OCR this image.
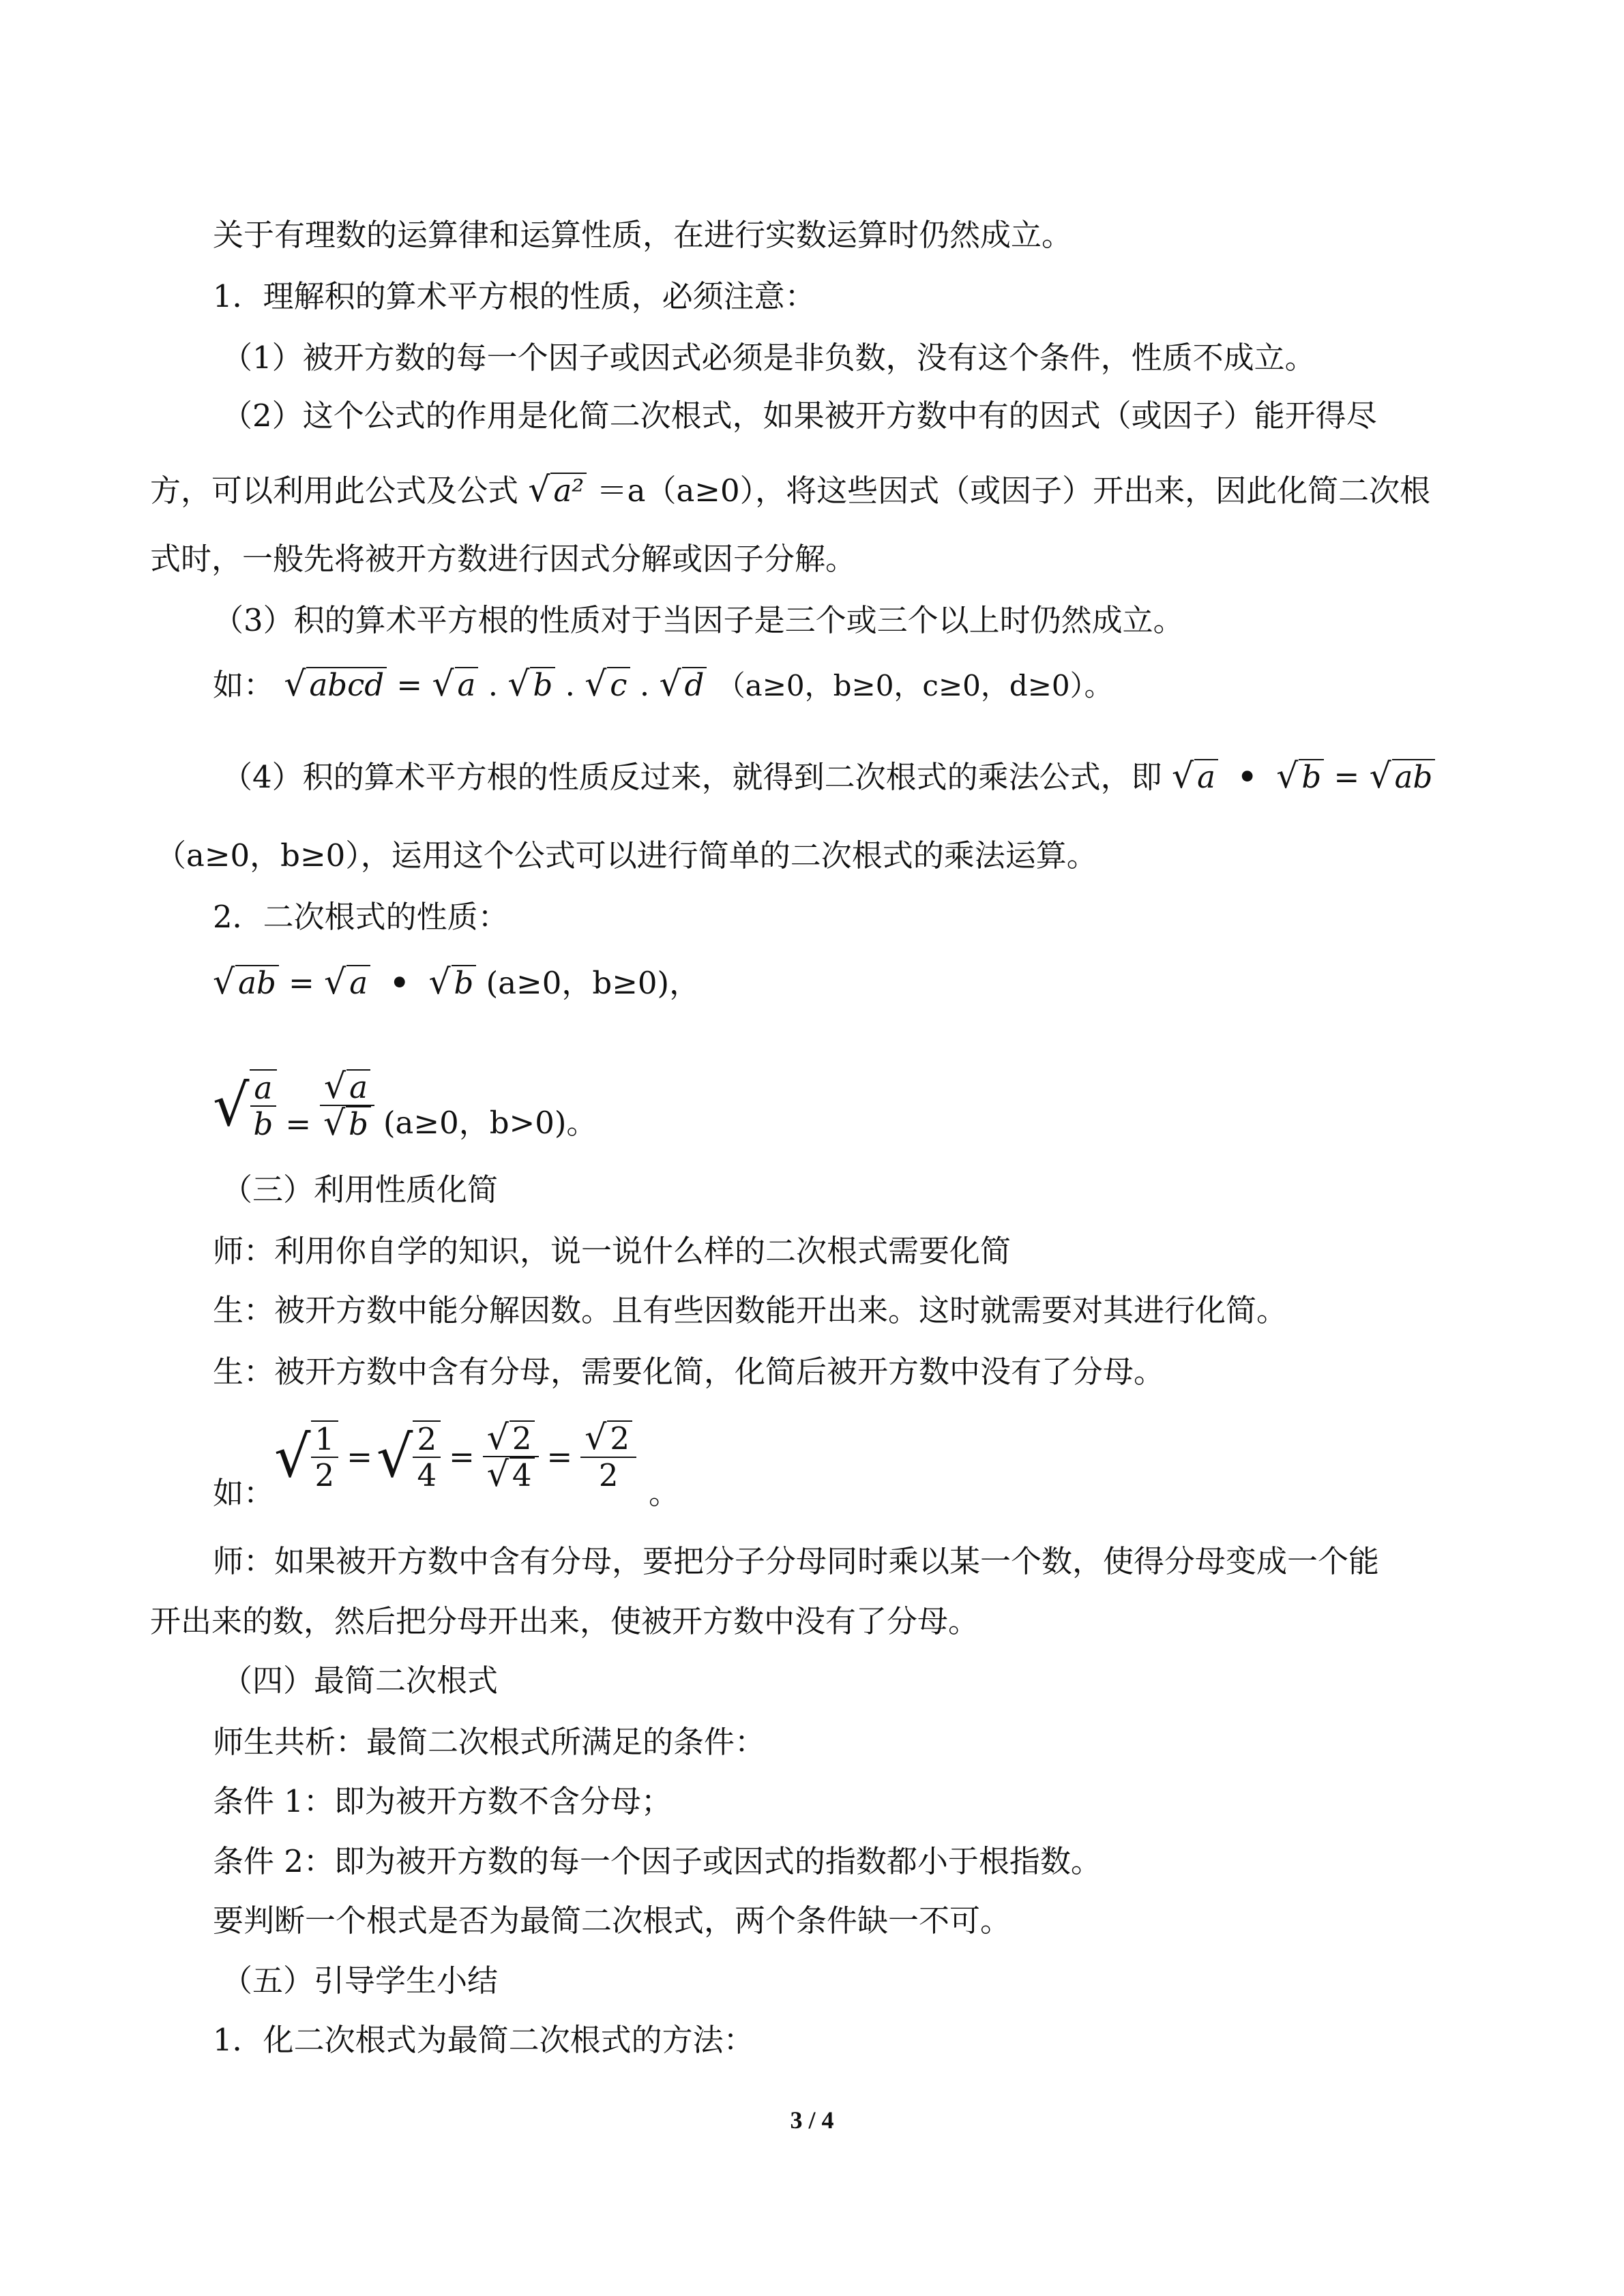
关于有理数的运算律和运算性质，在进行实数运算时仍然成立。
1．理解积的算术平方根的性质，必须注意：
（1）被开方数的每一个因子或因式必须是非负数，没有这个条件，性质不成立。
（2）这个公式的作用是化简二次根式，如果被开方数中有的因式（或因子）能开得尽
方，可以利用此公式及公式 √ a² ＝a（a≥0），将这些因式（或因子）开出来，因此化简二次根
式时，一般先将被开方数进行因式分解或因子分解。
（3）积的算术平方根的性质对于当因子是三个或三个以上时仍然成立。
如： √ abcd = √ a . √ b . √ c . √ d （a≥0，b≥0，c≥0，d≥0）。
（4）积的算术平方根的性质反过来，就得到二次根式的乘法公式，即 √ a • √ b = √ ab
（a≥0，b≥0），运用这个公式可以进行简单的二次根式的乘法运算。
2．二次根式的性质：
√ ab = √ a • √ b (a≥0，b≥0)，
√ $\frac{a}{b} = \frac{√ a}{√ b} (a\ge 0$，b>0)。
（三）利用性质化简
师：利用你自学的知识，说一说什么样的二次根式需要化简
生：被开方数中能分解因数。且有些因数能开出来。这时就需要对其进行化简。
生：被开方数中含有分母，需要化简，化简后被开方数中没有了分母。
如：
√ $\frac{1}{2}$ = √ $\frac{2}{4} = \frac{√ 2}{√ 4} = \frac{√ 2}{2}$ 。
师：如果被开方数中含有分母，要把分子分母同时乘以某一个数，使得分母变成一个能
开出来的数，然后把分母开出来，使被开方数中没有了分母。
（四）最简二次根式
师生共析：最简二次根式所满足的条件：
条件 1：即为被开方数不含分母；
条件 2：即为被开方数的每一个因子或因式的指数都小于根指数。
要判断一个根式是否为最简二次根式，两个条件缺一不可。
（五）引导学生小结
1．化二次根式为最简二次根式的方法：
3 / 4
